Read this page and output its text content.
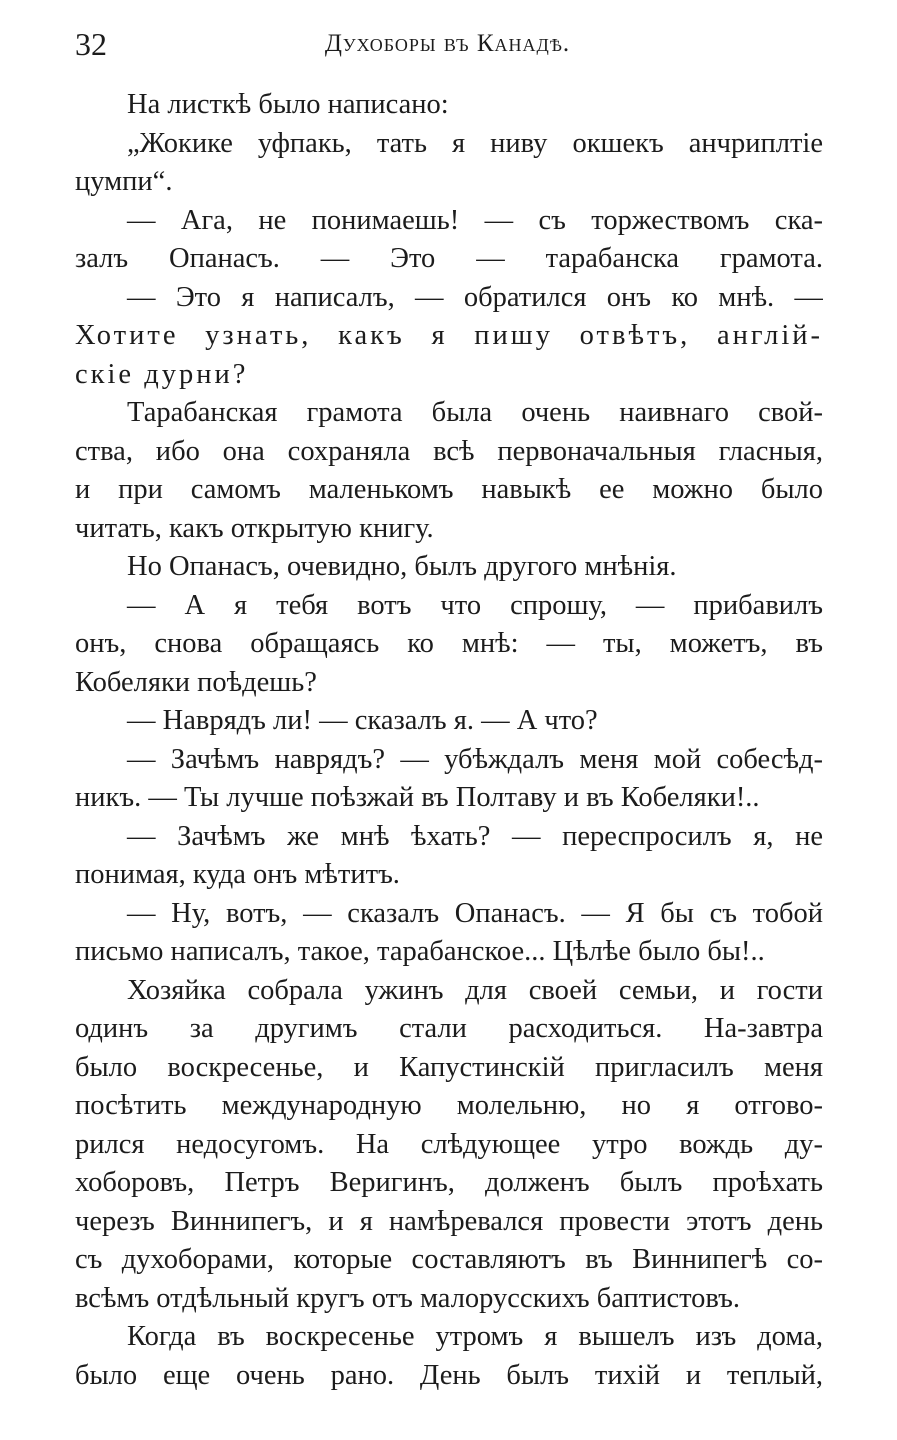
Духоборы въ Канадѣ.
32
На листкѣ было написано:
„Жокике уфпакь, тать я ниву окшекъ анчриплтіе
цумпи“.
— Ага, не понимаешь! — съ торжествомъ ска-
залъ Опанасъ. — Это — тарабанска грамота.
— Это я написалъ, — обратился онъ ко мнѣ. —
Хотите узнать, какъ я пишу отвѣтъ, англій-
скіе дурни?
Тарабанская грамота была очень наивнаго свой-
ства, ибо она сохраняла всѣ первоначальныя гласныя,
и при самомъ маленькомъ навыкѣ ее можно было
читать, какъ открытую книгу.
Но Опанасъ, очевидно, былъ другого мнѣнія.
— А я тебя вотъ что спрошу, — прибавилъ
онъ, снова обращаясь ко мнѣ: — ты, можетъ, въ
Кобеляки поѣдешь?
— Наврядъ ли! — сказалъ я. — А что?
— Зачѣмъ наврядъ? — убѣждалъ меня мой собесѣд-
никъ. — Ты лучше поѣзжай въ Полтаву и въ Кобеляки!..
— Зачѣмъ же мнѣ ѣхать? — переспросилъ я, не
понимая, куда онъ мѣтитъ.
— Ну, вотъ, — сказалъ Опанасъ. — Я бы съ тобой
письмо написалъ, такое, тарабанское... Цѣлѣе было бы!..
Хозяйка собрала ужинъ для своей семьи, и гости
одинъ за другимъ стали расходиться. На-завтра
было воскресенье, и Капустинскій пригласилъ меня
посѣтить международную молельню, но я отгово-
рился недосугомъ. На слѣдующее утро вождь ду-
хоборовъ, Петръ Веригинъ, долженъ былъ проѣхать
черезъ Виннипегъ, и я намѣревался провести этотъ день
съ духоборами, которые составляютъ въ Виннипегѣ со-
всѣмъ отдѣльный кругъ отъ малорусскихъ баптистовъ.
Когда въ воскресенье утромъ я вышелъ изъ дома,
было еще очень рано. День былъ тихій и теплый,
